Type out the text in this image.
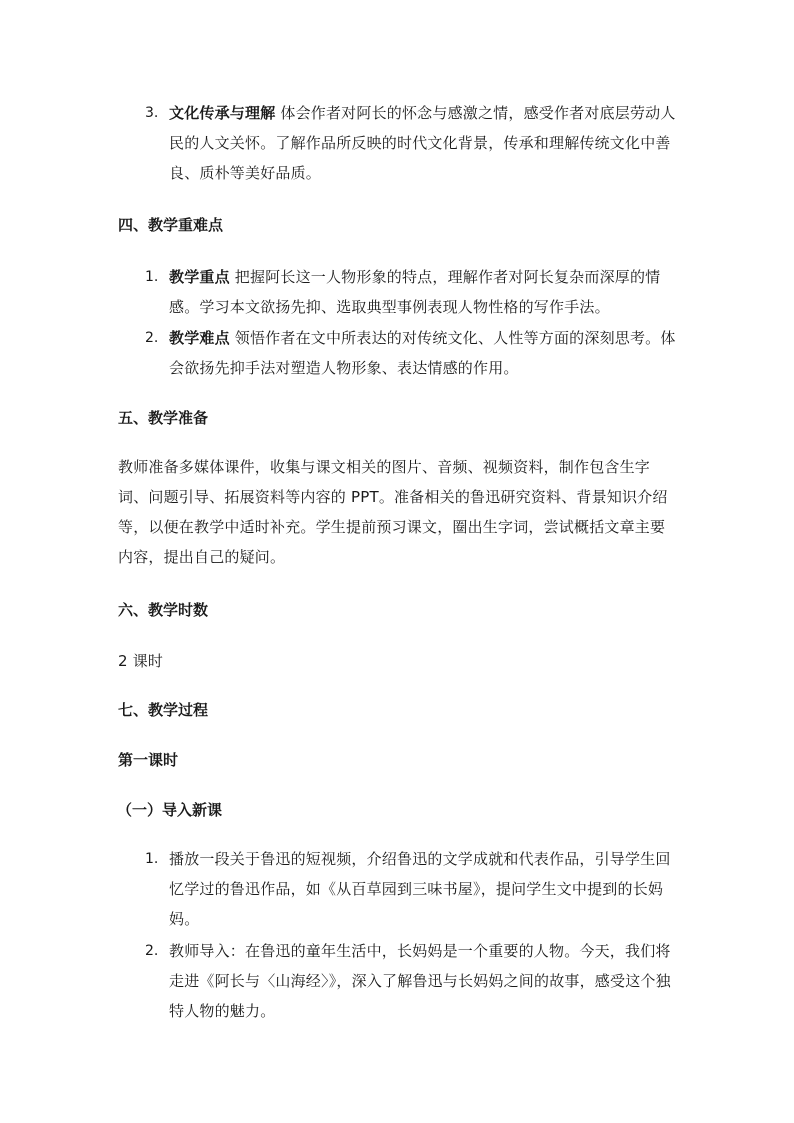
3. 文化传承与理解 体会作者对阿长的怀念与感激之情，感受作者对底层劳动人民的人文关怀。了解作品所反映的时代文化背景，传承和理解传统文化中善良、质朴等美好品质。
四、教学重难点
1. 教学重点 把握阿长这一人物形象的特点，理解作者对阿长复杂而深厚的情感。学习本文欲扬先抑、选取典型事例表现人物性格的写作手法。
2. 教学难点 领悟作者在文中所表达的对传统文化、人性等方面的深刻思考。体会欲扬先抑手法对塑造人物形象、表达情感的作用。
五、教学准备
教师准备多媒体课件，收集与课文相关的图片、音频、视频资料，制作包含生字词、问题引导、拓展资料等内容的 PPT。准备相关的鲁迅研究资料、背景知识介绍等，以便在教学中适时补充。学生提前预习课文，圈出生字词，尝试概括文章主要内容，提出自己的疑问。
六、教学时数
2 课时
七、教学过程
第一课时
（一）导入新课
1. 播放一段关于鲁迅的短视频，介绍鲁迅的文学成就和代表作品，引导学生回忆学过的鲁迅作品，如《从百草园到三味书屋》，提问学生文中提到的长妈妈。
2. 教师导入：在鲁迅的童年生活中，长妈妈是一个重要的人物。今天，我们将走进《阿长与〈山海经〉》，深入了解鲁迅与长妈妈之间的故事，感受这个独特人物的魅力。
